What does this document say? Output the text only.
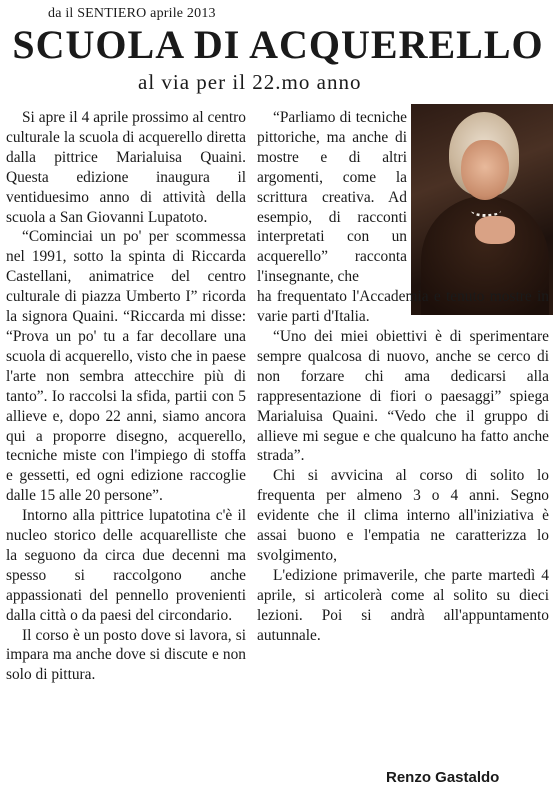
da il SENTIERO aprile 2013
SCUOLA DI ACQUERELLO
al via per il 22.mo anno

Si apre il 4 aprile prossimo al centro culturale la scuola di acquerello diretta dalla pittrice Marialuisa Quaini. Questa edizione inaugura il ventiduesimo anno di attività della scuola a San Giovanni Lupatoto.

“Cominciai un po' per scommessa nel 1991, sotto la spinta di Riccarda Castellani, animatrice del centro culturale di piazza Umberto I” ricorda la signora Quaini. “Riccarda mi disse: “Prova un po' tu a far decollare una scuola di acquerello, visto che in paese l'arte non sembra attecchire più di tanto”. Io raccolsi la sfida, partii con 5 allieve e, dopo 22 anni, siamo ancora qui a proporre disegno, acquerello, tecniche miste con l'impiego di stoffa e gessetti, ed ogni edizione raccoglie dalle 15 alle 20 persone”.

Intorno alla pittrice lupatotina c'è il nucleo storico delle acquarelliste che la seguono da circa due decenni ma spesso si raccolgono anche appassionati del pennello provenienti dalla città o da paesi del circondario.

Il corso è un posto dove si lavora, si impara ma anche dove si discute e non solo di pittura.

“Parliamo di tecniche pittoriche, ma anche di mostre e di altri argomenti, come la scrittura creativa. Ad esempio, di racconti interpretati con un acquerello” racconta l'insegnante, che

ha frequentato l'Accademia e tenuto mostre in varie parti d'Italia.

“Uno dei miei obiettivi è di sperimentare sempre qualcosa di nuovo, anche se cerco di non forzare chi ama dedicarsi alla rappresentazione di fiori o paesaggi” spiega Marialuisa Quaini. “Vedo che il gruppo di allieve mi segue e che qualcuno ha fatto anche strada”.

Chi si avvicina al corso di solito lo frequenta per almeno 3 o 4 anni. Segno evidente che il clima interno all'iniziativa è assai buono e l'empatia ne caratterizza lo svolgimento,

L'edizione primaverile, che parte martedì 4 aprile, si articolerà come al solito su dieci lezioni. Poi si andrà all'appuntamento autunnale.

Renzo Gastaldo
